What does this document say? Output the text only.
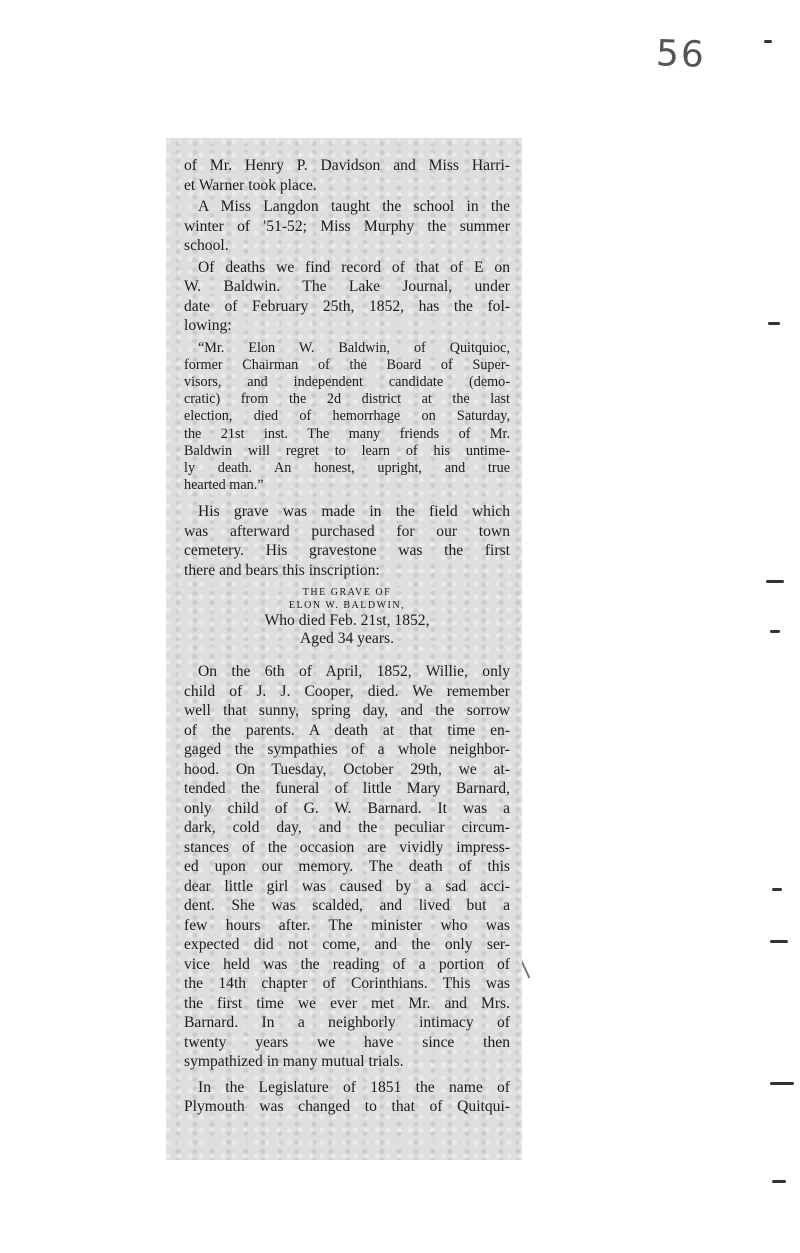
56

of Mr. Henry P. Davidson and Miss Harri-
et Warner took place.

A Miss Langdon taught the school in the
winter of '51-52; Miss Murphy the summer
school.

Of deaths we find record of that of E on
W. Baldwin. The Lake Journal, under
date of February 25th, 1852, has the fol-
lowing:

“Mr. Elon W. Baldwin, of Quitquioc,
former Chairman of the Board of Super-
visors, and independent candidate (demo-
cratic) from the 2d district at the last
election, died of hemorrhage on Saturday,
the 21st inst. The many friends of Mr.
Baldwin will regret to learn of his untime-
ly death. An honest, upright, and true
hearted man.”

His grave was made in the field which
was afterward purchased for our town
cemetery. His gravestone was the first
there and bears this inscription:

THE GRAVE OF
ELON W. BALDWIN,
Who died Feb. 21st, 1852,
Aged 34 years.

On the 6th of April, 1852, Willie, only
child of J. J. Cooper, died. We remember
well that sunny, spring day, and the sorrow
of the parents. A death at that time en-
gaged the sympathies of a whole neighbor-
hood. On Tuesday, October 29th, we at-
tended the funeral of little Mary Barnard,
only child of G. W. Barnard. It was a
dark, cold day, and the peculiar circum-
stances of the occasion are vividly impress-
ed upon our memory. The death of this
dear little girl was caused by a sad acci-
dent. She was scalded, and lived but a
few hours after. The minister who was
expected did not come, and the only ser-
vice held was the reading of a portion of
the 14th chapter of Corinthians. This was
the first time we ever met Mr. and Mrs.
Barnard. In a neighborly intimacy of
twenty years we have since then
sympathized in many mutual trials.

In the Legislature of 1851 the name of
Plymouth was changed to that of Quitqui-
